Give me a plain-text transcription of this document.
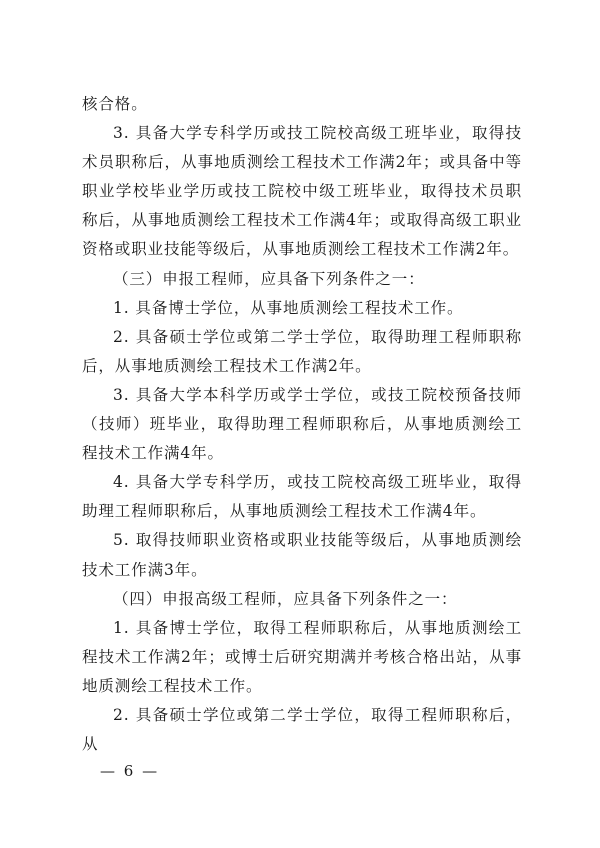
核合格。

3. 具备大学专科学历或技工院校高级工班毕业，取得技术员职称后，从事地质测绘工程技术工作满2年；或具备中等职业学校毕业学历或技工院校中级工班毕业，取得技术员职称后，从事地质测绘工程技术工作满4年；或取得高级工职业资格或职业技能等级后，从事地质测绘工程技术工作满2年。

（三）申报工程师，应具备下列条件之一：

1. 具备博士学位，从事地质测绘工程技术工作。

2. 具备硕士学位或第二学士学位，取得助理工程师职称后，从事地质测绘工程技术工作满2年。

3. 具备大学本科学历或学士学位，或技工院校预备技师（技师）班毕业，取得助理工程师职称后，从事地质测绘工程技术工作满4年。

4. 具备大学专科学历，或技工院校高级工班毕业，取得助理工程师职称后，从事地质测绘工程技术工作满4年。

5. 取得技师职业资格或职业技能等级后，从事地质测绘技术工作满3年。

（四）申报高级工程师，应具备下列条件之一：

1. 具备博士学位，取得工程师职称后，从事地质测绘工程技术工作满2年；或博士后研究期满并考核合格出站，从事地质测绘工程技术工作。

2. 具备硕士学位或第二学士学位，取得工程师职称后，从

— 6 —
